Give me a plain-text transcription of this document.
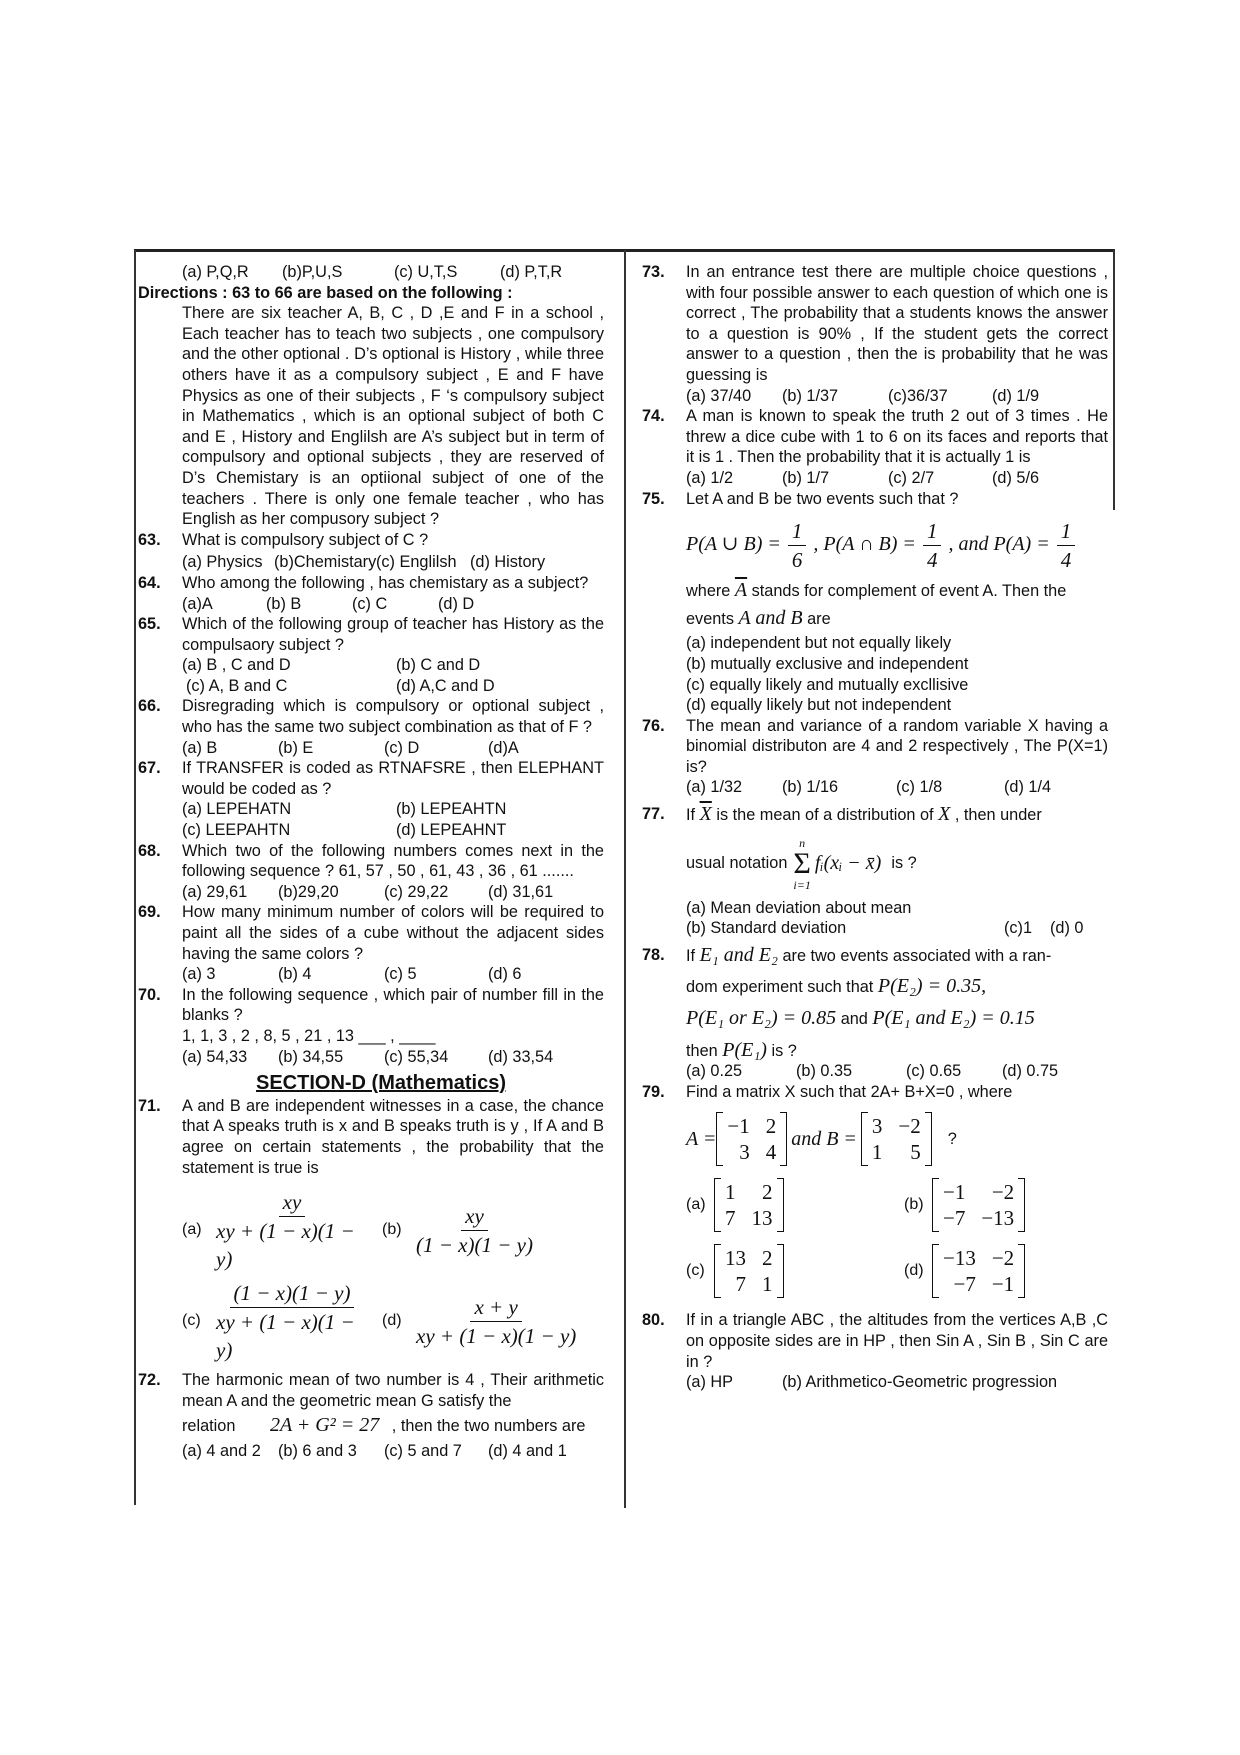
(a) P,Q,R	(b)P,U,S	(c) U,T,S	(d) P,T,R
Directions : 63 to 66 are based on the following :
There are six teacher A, B, C , D ,E and F in a school , Each teacher has to teach two subjects , one compulsory and the other optional . D’s optional is History , while three others have it as a compulsory subject , E and F have Physics as one of their subjects , F ‘s compulsory subject in Mathematics , which is an optional subject of both C and E , History and Englilsh are A’s subject but in term of compulsory and optional subjects , they are reserved of D’s Chemistary is an optiional subject of one of the teachers . There is only one female teacher , who has English as her compusory subject ?
63. What is compulsory subject of C ?
(a) Physics (b)Chemistary (c) Englilsh (d) History
64. Who among the following , has chemistary as a subject?
(a)A	(b) B	(c) C	(d) D
65. Which of the following group of teacher has History as the compulsaory subject ?
(a) B , C and D	(b) C and D
(c) A, B and C	(d) A,C and D
66. Disregrading which is compulsory or optional subject , who has the same two subject combination as that of F ?
(a) B	(b) E	(c) D	(d)A
67. If TRANSFER is coded as RTNAFSRE , then ELEPHANT would be coded as ?
(a) LEPEHATN	(b) LEPEAHTN
(c) LEEPAHTN	(d) LEPEAHNT
68. Which two of the following numbers comes next in the following sequence ? 61, 57 , 50 , 61, 43 , 36 , 61 .......
(a) 29,61	(b)29,20	(c) 29,22	(d) 31,61
69. How many minimum number of colors will be required to paint all the sides of a cube without the adjacent sides having the same colors ?
(a) 3	(b) 4	(c) 5	(d) 6
70. In the following sequence , which pair of number fill in the blanks ?
1, 1, 3 , 2 , 8, 5 , 21 , 13 ___ , ____
(a) 54,33	(b) 34,55	(c) 55,34	(d) 33,54
SECTION-D (Mathematics)
71. A and B are independent witnesses in a case, the chance that A speaks truth is x and B speaks truth is y , If A and B agree on certain statements , the probability that the statement is true is
$(a) \frac{xy}{xy + (1 - x)(1 - y)} (b) \frac{xy}{(1 - x)(1 - y)}$
$(c) \frac{(1 - x)(1 - y)}{xy + (1 - x)(1 - y)} (d) \frac{x + y}{xy + (1 - x)(1 - y)}$
72. The harmonic mean of two number is 4 , Their arithmetic mean A and the geometric mean G satisfy the
relation 2A + G² = 27 , then the two numbers are
(a) 4 and 2	(b) 6 and 3	(c) 5 and 7	(d) 4 and 1
73. In an entrance test there are multiple choice questions , with four possible answer to each question of which one is correct , The probability that a students knows the answer to a question is 90% , If the student gets the correct answer to a question , then the is probability that he was guessing is
(a) 37/40	(b) 1/37	(c)36/37	(d) 1/9
74. A man is known to speak the truth 2 out of 3 times . He threw a dice cube with 1 to 6 on its faces and reports that it is 1 . Then the probability that it is actually 1 is
(a) 1/2	(b) 1/7	(c) 2/7	(d) 5/6
75. Let A and B be two events such that ?
P(A ∪ $B) = \frac{1}{6}$ , P(A ∩ $B) = \frac{1}{4}$ , and $P(A) = \frac{1}{4}$
where $\overline{A}$ stands for complement of event A. Then the
events A and B are
(a) independent but not equally likely
(b) mutually exclusive and independent
(c) equally likely and mutually excllisive
(d) equally likely but not independent
76. The mean and variance of a random variable X having a binomial distributon are 4 and 2 respectively , The P(X=1) is?
(a) 1/32	(b) 1/16	(c) 1/8	(d) 1/4
77. If $\overline{X}$ is the mean of a distribution of X , then under
usual notation
n
Σ
i=1
fᵢ(xᵢ − x̄) is ?
(a) Mean deviation about mean
(b) Standard deviation	(c)1	(d) 0
78. If E₁ and E₂ are two events associated with a ran-
dom experiment such that P(E₂) = 0.35,
P(E₁ or E₂) = 0.85 and P(E₁ and E₂) = 0.15
then P(E₁) is ?
(a) 0.25	(b) 0.35	(c) 0.65	(d) 0.75
79. Find a matrix X such that 2A+ B+X=0 , where
A =
−1 2
3 4
and B =
3 −2
1	5
?
(a)
1	2
7 13
(b)
−1	−2
−7 −13
(c)
13 2
7 1
(d)
−13 −2
−7 −1
80. If in a triangle ABC , the altitudes from the vertices A,B ,C on opposite sides are in HP , then Sin A , Sin B , Sin C are in ?
(a) HP	(b) Arithmetico-Geometric progression
